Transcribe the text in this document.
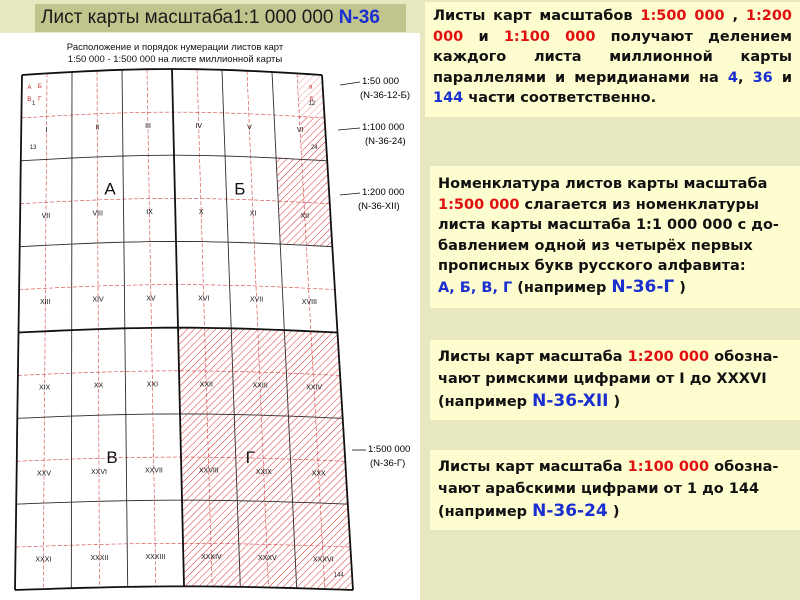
Лист карты масштаба1:1 000 000 N-36
Расположение и порядок нумерации листов карт
1:50 000 - 1:500 000 на листе миллионной карты
I	II	III	IV	V	VI
VII	VIII	IX	X	XI	XII
XIII	XIV	XV	XVI	XVII	XVIII
XIX	XX	XXI	XXII	XXIII	XXIV
XXV	XXVI	XXVII	XXVIII	XXIX	XXX
XXXI	XXXII	XXXIII	XXXIV	XXXV	XXXVI
А	Б
В	Г
А Б
В Г
а
б
1	12
13	24
144
1:50 000
(N-36-12-Б)
1:100 000
(N-36-24)
1:200 000
(N-36-XII)
1:500 000
(N-36-Г)
Листы карт масштабов 1:500 000 , 1:200 000 и 1:100 000 получают делением каждого листа миллионной карты параллелями и меридианами на 4, 36 и 144 части соответственно.
Номенклатура листов карты масштаба 1:500 000 слагается из номенклатуры листа карты масштаба 1:1 000 000 с до-бавлением одной из четырёх первых прописных букв русского алфавита:
А, Б, В, Г (например N-36-Г )
Листы карт масштаба 1:200 000 обозна-чают римскими цифрами от I до XXXVI
(например N-36-XII )
Листы карт масштаба 1:100 000 обозна-чают арабскими цифрами от 1 до 144
(например N-36-24 )
